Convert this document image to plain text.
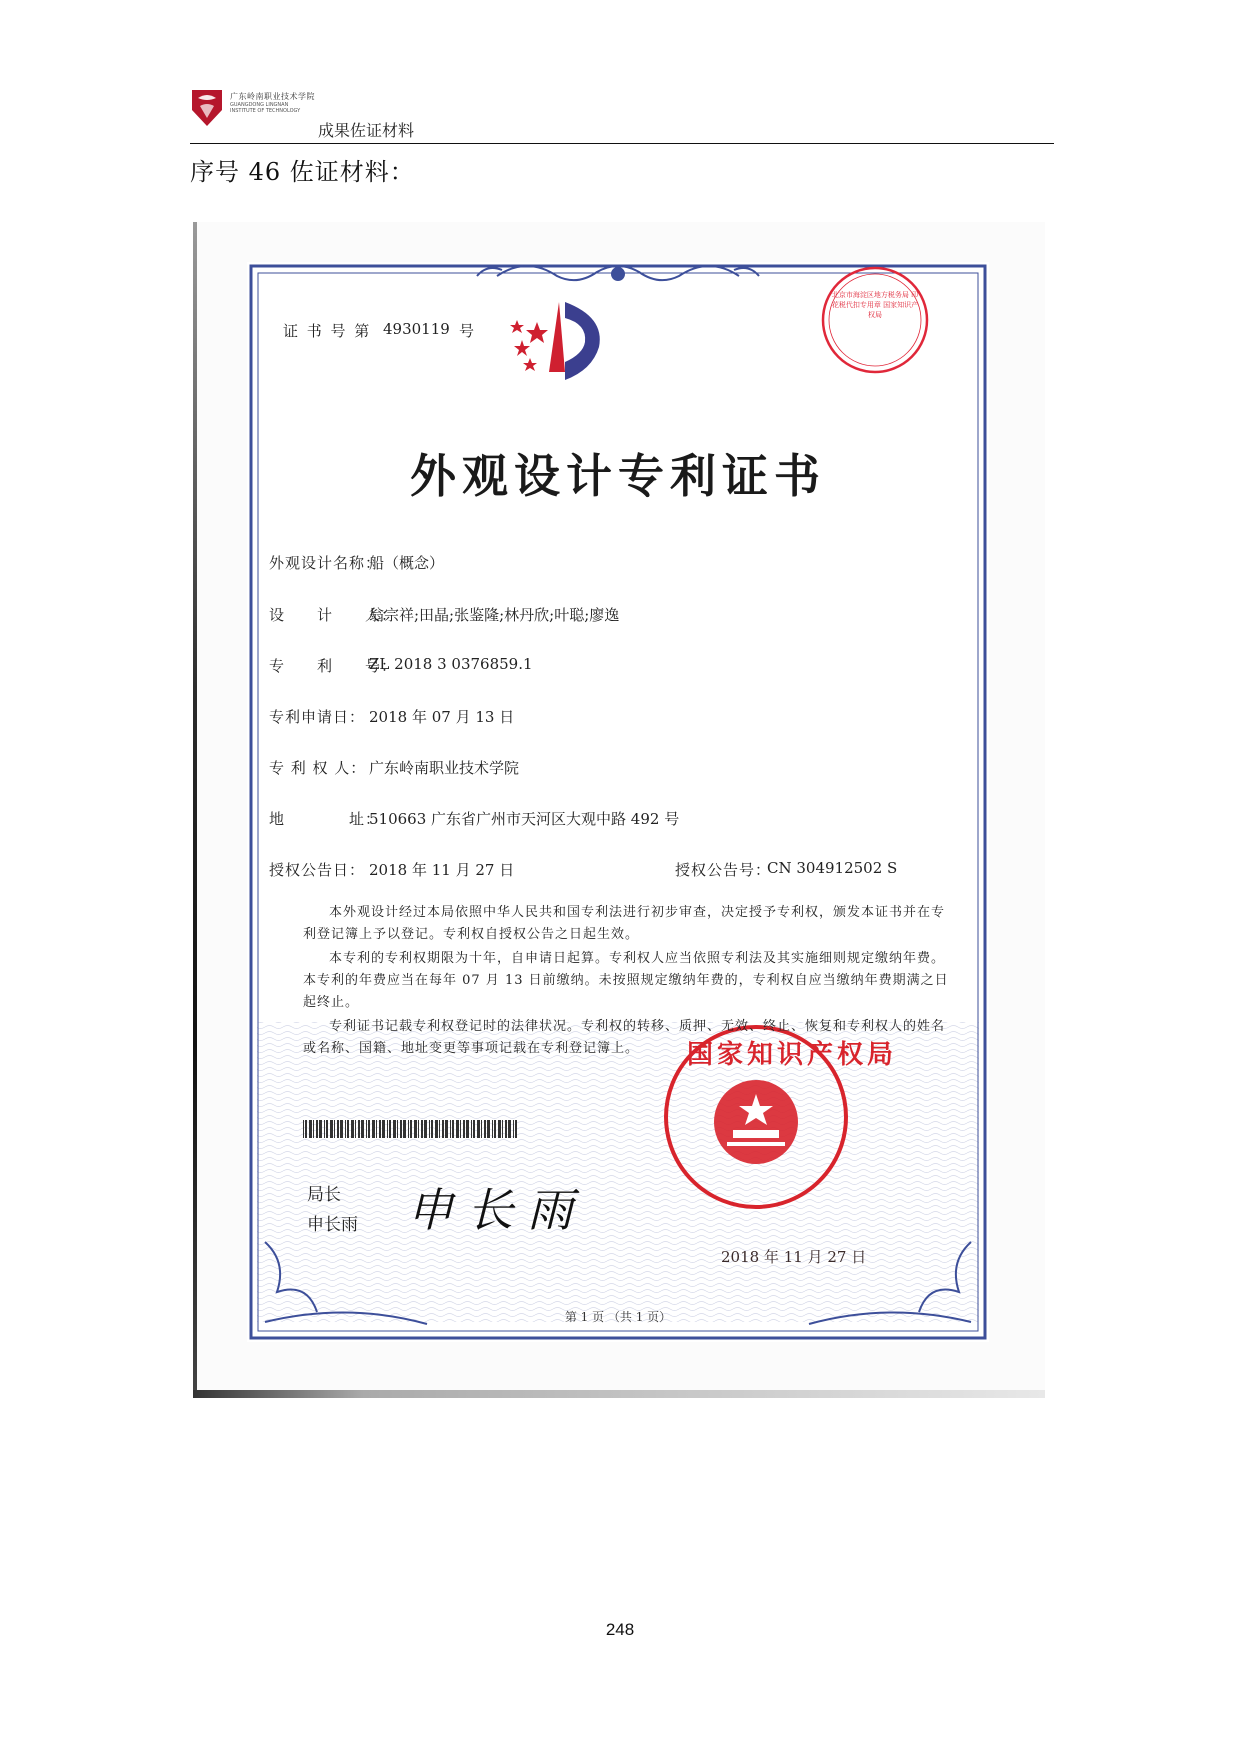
广东岭南职业技术学院
GUANGDONG LINGNAN
INSTITUTE OF TECHNOLOGY
成果佐证材料
序号 46 佐证材料：
证 书 号 第 4930119 号
北京市海淀区地方税务局 印花税代扣专用章 国家知识产权局
外观设计专利证书
外观设计名称：
船（概念）
设　　计　　人：
翁宗祥;田晶;张鉴隆;林丹欣;叶聪;廖逸
专　　利　　号：
ZL 2018 3 0376859.1
专利申请日： 2018 年 07 月 13 日
专 利 权 人： 广东岭南职业技术学院
地　　　　址：
510663 广东省广州市天河区大观中路 492 号
授权公告日： 2018 年 11 月 27 日	授权公告号：
CN 304912502 S
本外观设计经过本局依照中华人民共和国专利法进行初步审查，决定授予专利权，颁发本证书并在专利登记簿上予以登记。专利权自授权公告之日起生效。
本专利的专利权期限为十年，自申请日起算。专利权人应当依照专利法及其实施细则规定缴纳年费。本专利的年费应当在每年 07 月 13 日前缴纳。未按照规定缴纳年费的，专利权自应当缴纳年费期满之日起终止。
专利证书记载专利权登记时的法律状况。专利权的转移、质押、无效、终止、恢复和专利权人的姓名或名称、国籍、地址变更等事项记载在专利登记簿上。
局长
申长雨 申长雨
国家知识产权局
2018 年 11 月 27 日
第 1 页 （共 1 页）
248
